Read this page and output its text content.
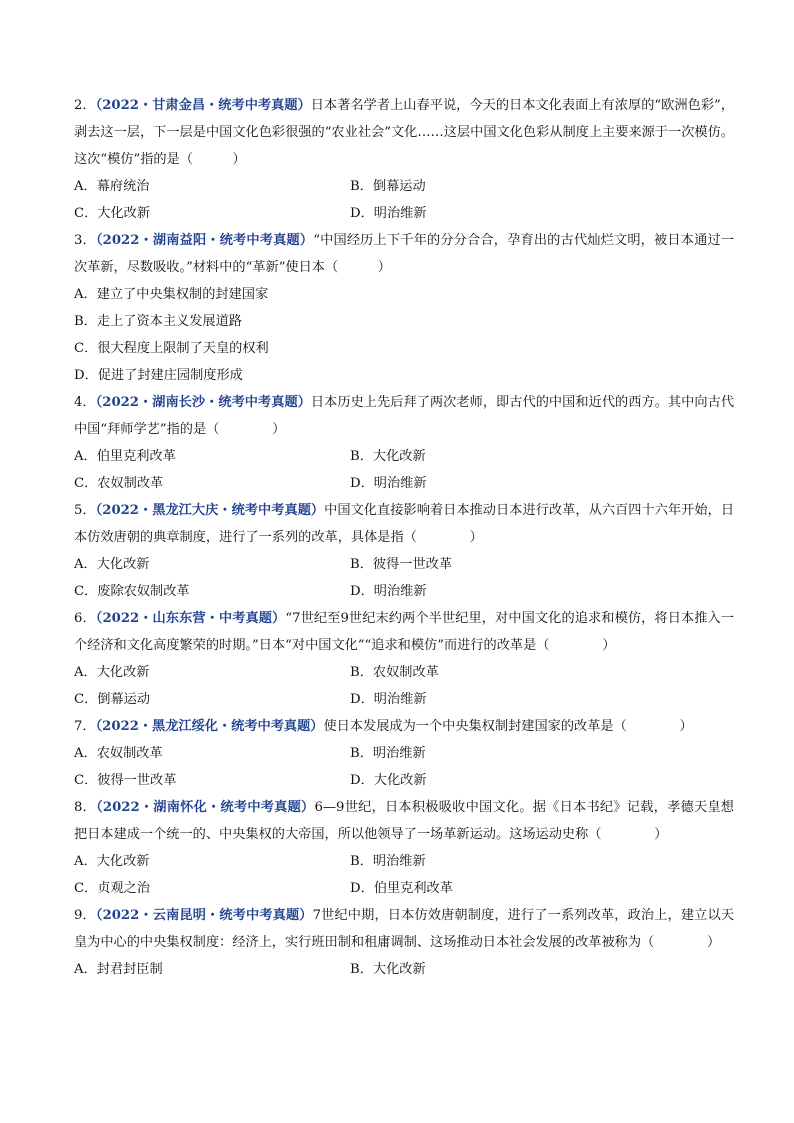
2．（2022・甘肃金昌・统考中考真题）日本著名学者上山春平说，今天的日本文化表面上有浓厚的“欧洲色彩”，剥去这一层，下一层是中国文化色彩很强的“农业社会”文化……这层中国文化色彩从制度上主要来源于一次模仿。这次“模仿”指的是（　　　）
A．幕府统治	B．倒幕运动
C．大化改新	D．明治维新
3．（2022・湖南益阳・统考中考真题）“中国经历上下千年的分分合合，孕育出的古代灿烂文明，被日本通过一次革新，尽数吸收。”材料中的“革新”使日本（　　　）
A．建立了中央集权制的封建国家
B．走上了资本主义发展道路
C．很大程度上限制了天皇的权利
D．促进了封建庄园制度形成
4．（2022・湖南长沙・统考中考真题）日本历史上先后拜了两次老师，即古代的中国和近代的西方。其中向古代中国“拜师学艺”指的是（　　　　）
A．伯里克利改革	B．大化改新
C．农奴制改革	D．明治维新
5．（2022・黑龙江大庆・统考中考真题）中国文化直接影响着日本推动日本进行改革，从六百四十六年开始，日本仿效唐朝的典章制度，进行了一系列的改革，具体是指（　　　　）
A．大化改新	B．彼得一世改革
C．废除农奴制改革	D．明治维新
6．（2022・山东东营・中考真题）“7世纪至9世纪末约两个半世纪里，对中国文化的追求和模仿，将日本推入一个经济和文化高度繁荣的时期。”日本“对中国文化”“追求和模仿”而进行的改革是（　　　　）
A．大化改新	B．农奴制改革
C．倒幕运动	D．明治维新
7．（2022・黑龙江绥化・统考中考真题）使日本发展成为一个中央集权制封建国家的改革是（　　　　）
A．农奴制改革	B．明治维新
C．彼得一世改革	D．大化改新
8．（2022・湖南怀化・统考中考真题）6—9世纪，日本积极吸收中国文化。据《日本书纪》记载，孝德天皇想把日本建成一个统一的、中央集权的大帝国，所以他领导了一场革新运动。这场运动史称（　　　　）
A．大化改新	B．明治维新
C．贞观之治	D．伯里克利改革
9．（2022・云南昆明・统考中考真题）7世纪中期，日本仿效唐朝制度，进行了一系列改革，政治上，建立以天皇为中心的中央集权制度：经济上，实行班田制和租庸调制、这场推动日本社会发展的改革被称为（　　　　）
A．封君封臣制	B．大化改新
